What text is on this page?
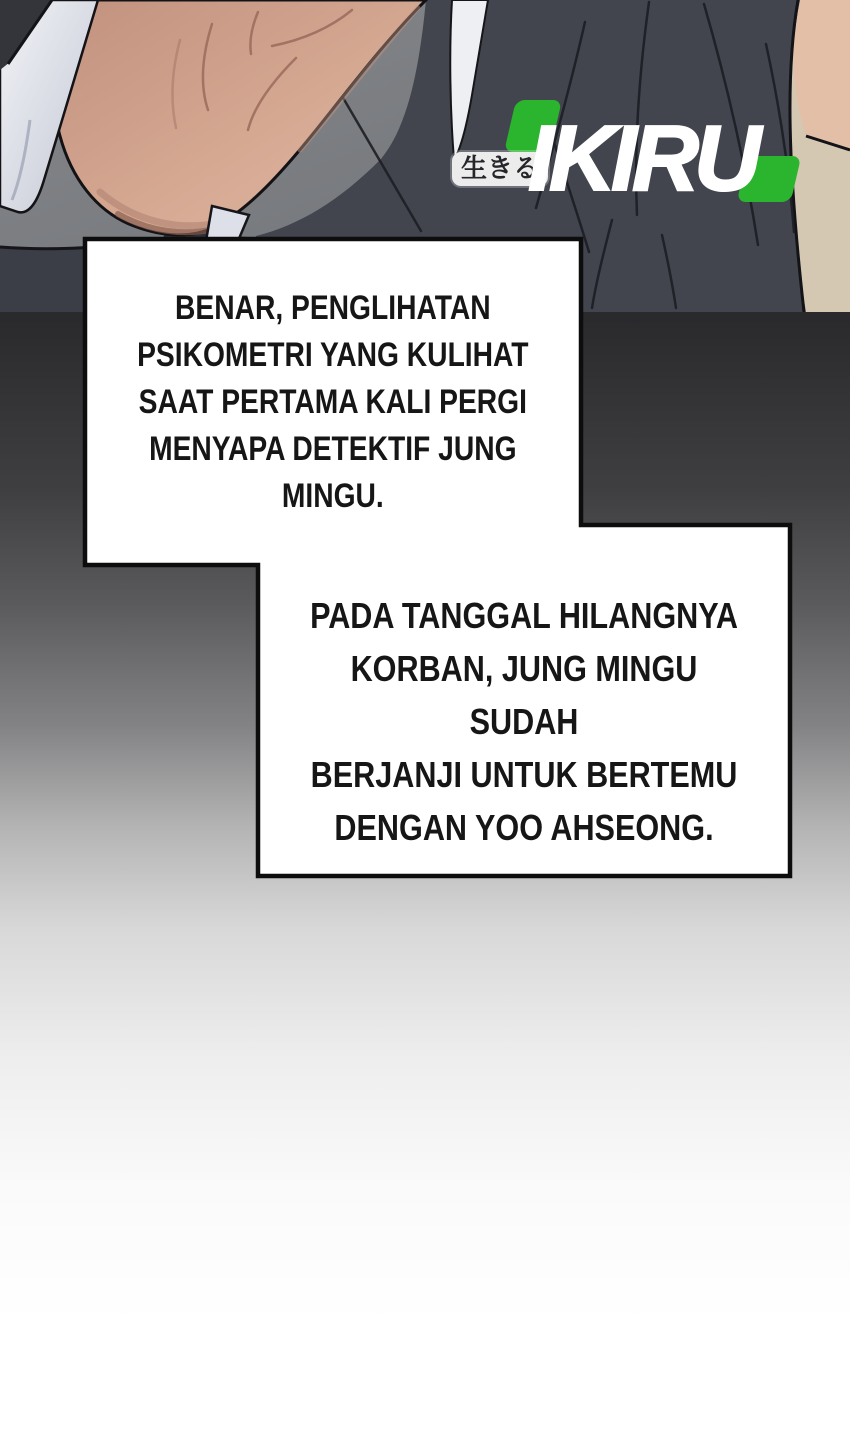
生きる
IKIRU
BENAR, PENGLIHATAN
PSIKOMETRI YANG KULIHAT
SAAT PERTAMA KALI PERGI
MENYAPA DETEKTIF JUNG
MINGU.
PADA TANGGAL HILANGNYA
KORBAN, JUNG MINGU SUDAH
BERJANJI UNTUK BERTEMU
DENGAN YOO AHSEONG.
